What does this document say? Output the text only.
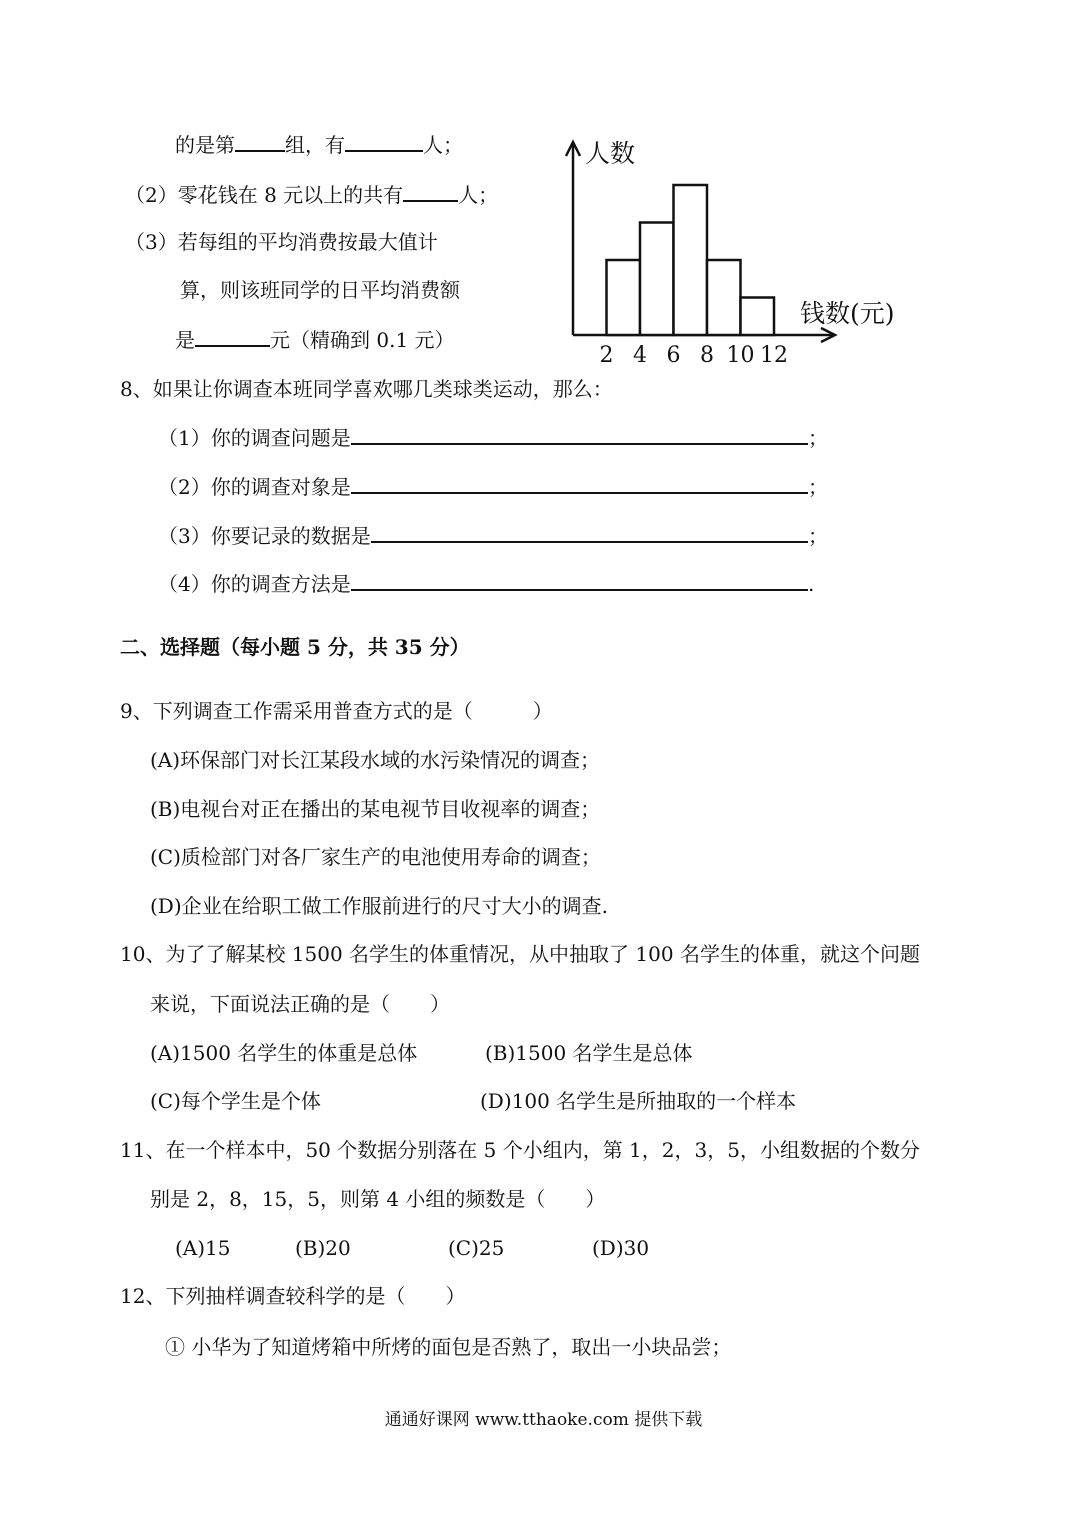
的是第	组，有	人；
（2）零花钱在 8 元以上的共有	人；
（3）若每组的平均消费按最大值计
算，则该班同学的日平均消费额
是	元（精确到 0.1 元）
2 4 6 8 10 12
人数
钱数(元)
8、如果让你调查本班同学喜欢哪几类球类运动，那么：
（1）你的调查问题是	；
（2）你的调查对象是	；
（3）你要记录的数据是	；
（4）你的调查方法是	.
二、选择题（每小题 5 分，共 35 分）
9、下列调查工作需采用普查方式的是（　　　）
(A)环保部门对长江某段水域的水污染情况的调查；
(B)电视台对正在播出的某电视节目收视率的调查；
(C)质检部门对各厂家生产的电池使用寿命的调查；
(D)企业在给职工做工作服前进行的尺寸大小的调查.
10、为了了解某校 1500 名学生的体重情况，从中抽取了 100 名学生的体重，就这个问题
来说，下面说法正确的是（　　）
(A)1500 名学生的体重是总体	(B)1500 名学生是总体
(C)每个学生是个体	(D)100 名学生是所抽取的一个样本
11、在一个样本中，50 个数据分别落在 5 个小组内，第 1，2，3，5，小组数据的个数分
别是 2，8，15，5，则第 4 小组的频数是（　　）
(A)15	(B)20	(C)25	(D)30
12、下列抽样调查较科学的是（　　）
① 小华为了知道烤箱中所烤的面包是否熟了，取出一小块品尝；
通通好课网 www.tthaoke.com 提供下载
